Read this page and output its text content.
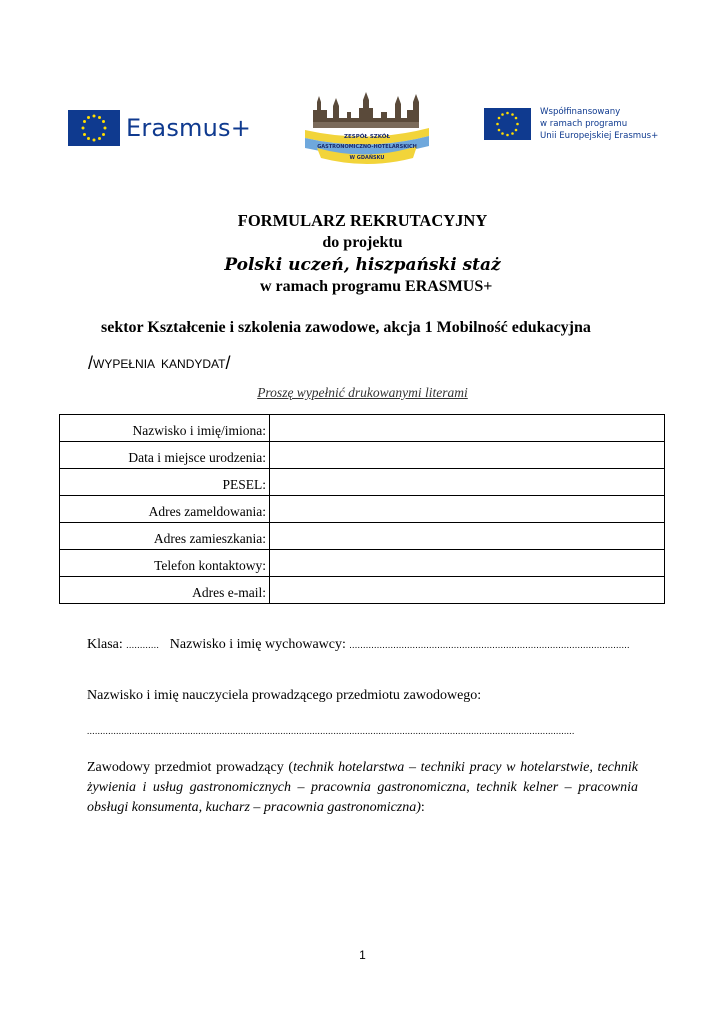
Erasmus+	ZESPÓŁ SZKÓŁ
GASTRONOMICZNO-HOTELARSKICH
W GDAŃSKU
Współfinansowany
w ramach programu
Unii Europejskiej Erasmus+
FORMULARZ REKRUTACYJNY
do projektu
Polski uczeń, hiszpański staż
w ramach programu ERASMUS+
sektor Kształcenie i szkolenia zawodowe, akcja 1 Mobilność edukacyjna
/WYPEŁNIA  KANDYDAT/
Proszę wypełnić drukowanymi literami
Nazwisko i imię/imiona:	
Data i miejsce urodzenia:	
PESEL:	
Adres zameldowania:	
Adres zamieszkania:	
Telefon kontaktowy:	
Adres e-mail:	
Klasa: ............ Nazwisko i imię wychowawcy: ......................................................................................................
Nazwisko i imię nauczyciela prowadzącego przedmiotu zawodowego:
........................................................................................................................................................................................
Zawodowy przedmiot prowadzący (technik hotelarstwa – techniki pracy w hotelarstwie, technik żywienia i usług gastronomicznych – pracownia gastronomiczna, technik kelner – pracownia obsługi konsumenta, kucharz – pracownia gastronomiczna):
1
